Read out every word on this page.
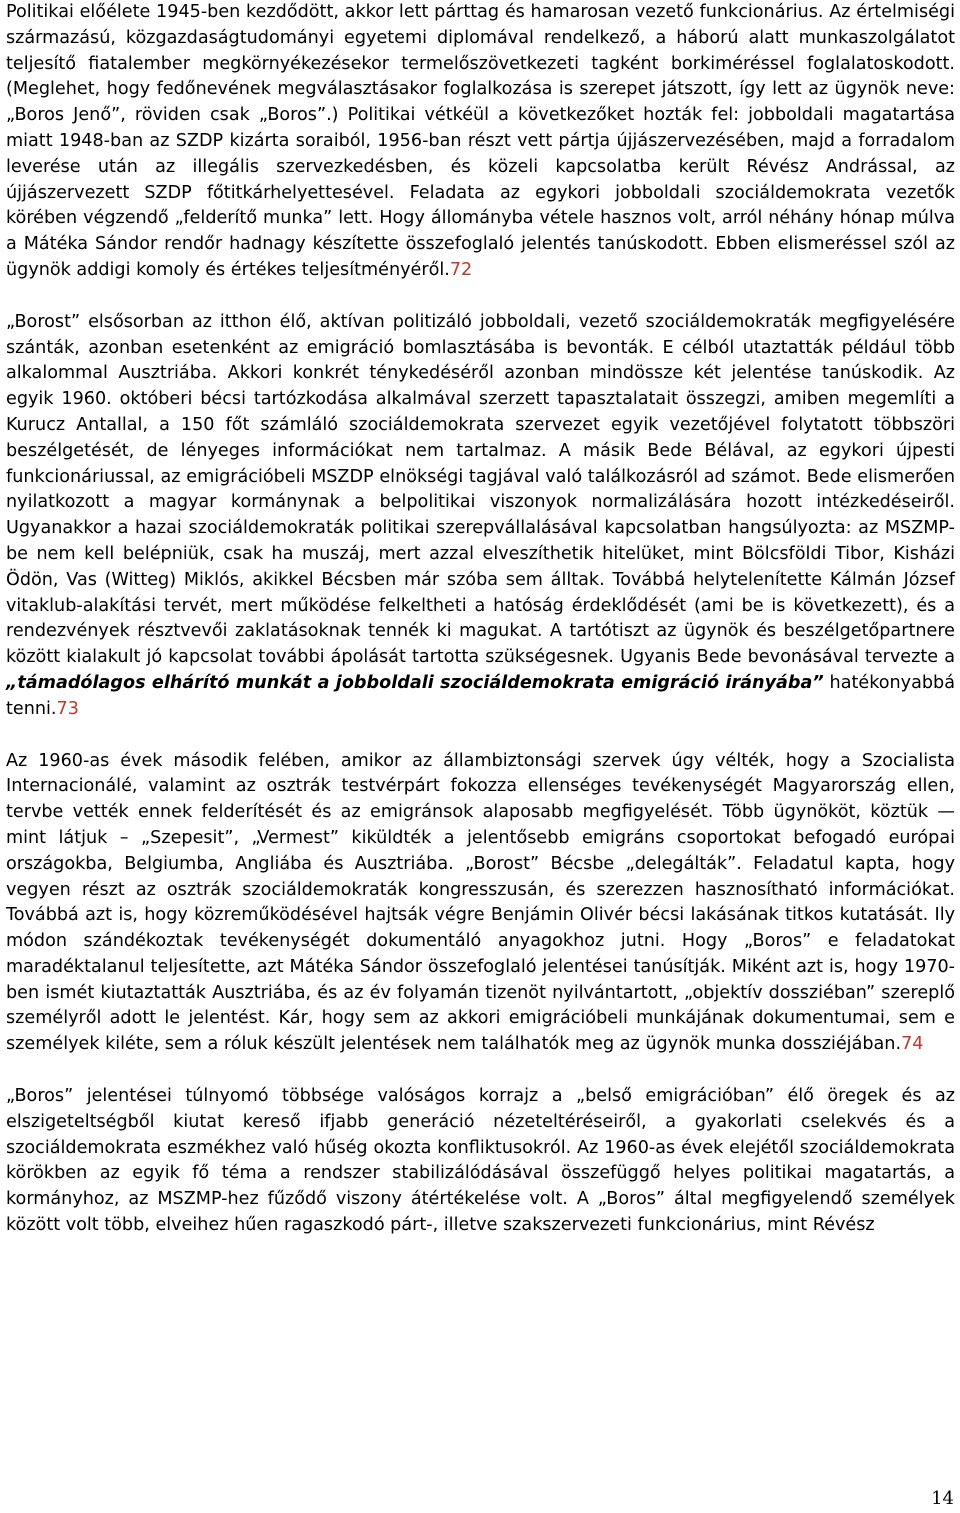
Politikai előélete 1945-ben kezdődött, akkor lett párttag és hamarosan vezető funkcionárius. Az értelmiségi származású, közgazdaságtudományi egyetemi diplomával rendelkező, a háború alatt munkaszolgálatot teljesítő fiatalember megkörnyékezésekor termelőszövetkezeti tagként borkiméréssel foglalatoskodott. (Meglehet, hogy fedőnevének megválasztásakor foglalkozása is szerepet játszott, így lett az ügynök neve: „Boros Jenő”, röviden csak „Boros”.) Politikai vétkéül a következőket hozták fel: jobboldali magatartása miatt 1948-ban az SZDP kizárta soraiból, 1956-ban részt vett pártja újjászervezésében, majd a forradalom leverése után az illegális szervezkedésben, és közeli kapcsolatba került Révész Andrással, az újjászervezett SZDP főtitkárhelyettesével. Feladata az egykori jobboldali szociáldemokrata vezetők körében végzendő „felderítő munka” lett. Hogy állományba vétele hasznos volt, arról néhány hónap múlva a Mátéka Sándor rendőr hadnagy készítette összefoglaló jelentés tanúskodott. Ebben elismeréssel szól az ügynök addigi komoly és értékes teljesítményéről.72

„Borost” elsősorban az itthon élő, aktívan politizáló jobboldali, vezető szociáldemokraták megfigyelésére szánták, azonban esetenként az emigráció bomlasztásába is bevonták. E célból utaztatták például több alkalommal Ausztriába. Akkori konkrét ténykedéséről azonban mindössze két jelentése tanúskodik. Az egyik 1960. októberi bécsi tartózkodása alkalmával szerzett tapasztalatait összegzi, amiben megemlíti a Kurucz Antallal, a 150 főt számláló szociáldemokrata szervezet egyik vezetőjével folytatott többszöri beszélgetését, de lényeges információkat nem tartalmaz. A másik Bede Bélával, az egykori újpesti funkcionáriussal, az emigrációbeli MSZDP elnökségi tagjával való találkozásról ad számot. Bede elismerően nyilatkozott a magyar kormánynak a belpolitikai viszonyok normalizálására hozott intézkedéseiről. Ugyanakkor a hazai szociáldemokraták politikai szerepvállalásával kapcsolatban hangsúlyozta: az MSZMP-be nem kell belépniük, csak ha muszáj, mert azzal elveszíthetik hitelüket, mint Bölcsföldi Tibor, Kisházi Ödön, Vas (Witteg) Miklós, akikkel Bécsben már szóba sem álltak. Továbbá helytelenítette Kálmán József vitaklub-alakítási tervét, mert működése felkeltheti a hatóság érdeklődését (ami be is következett), és a rendezvények résztvevői zaklatásoknak tennék ki magukat. A tartótiszt az ügynök és beszélgetőpartnere között kialakult jó kapcsolat további ápolását tartotta szükségesnek. Ugyanis Bede bevonásával tervezte a „támadólagos elhárító munkát a jobboldali szociáldemokrata emigráció irányába” hatékonyabbá tenni.73

Az 1960-as évek második felében, amikor az állambiztonsági szervek úgy vélték, hogy a Szocialista Internacionálé, valamint az osztrák testvérpárt fokozza ellenséges tevékenységét Magyarország ellen, tervbe vették ennek felderítését és az emigránsok alaposabb megfigyelését. Több ügynököt, köztük — mint látjuk – „Szepesit”, „Vermest” kiküldték a jelentősebb emigráns csoportokat befogadó európai országokba, Belgiumba, Angliába és Ausztriába. „Borost” Bécsbe „delegálták”. Feladatul kapta, hogy vegyen részt az osztrák szociáldemokraták kongresszusán, és szerezzen hasznosítható információkat. Továbbá azt is, hogy közreműködésével hajtsák végre Benjámin Olivér bécsi lakásának titkos kutatását. Ily módon szándékoztak tevékenységét dokumentáló anyagokhoz jutni. Hogy „Boros” e feladatokat maradéktalanul teljesítette, azt Mátéka Sándor összefoglaló jelentései tanúsítják. Miként azt is, hogy 1970-ben ismét kiutaztatták Ausztriába, és az év folyamán tizenöt nyilvántartott, „objektív dossziéban” szereplő személyről adott le jelentést. Kár, hogy sem az akkori emigrációbeli munkájának dokumentumai, sem e személyek kilétе, sem a róluk készült jelentések nem találhatók meg az ügynök munka dossziéjában.74

„Boros” jelentései túlnyomó többsége valóságos korrajz a „belső emigrációban” élő öregek és az elszigeteltségből kiutat kereső ifjabb generáció nézeteltéréseiről, a gyakorlati cselekvés és a szociáldemokrata eszmékhez való hűség okozta konfliktusokról. Az 1960-as évek elejétől szociáldemokrata körökben az egyik fő téma a rendszer stabilizálódásával összefüggő helyes politikai magatartás, a kormányhoz, az MSZMP-hez fűződő viszony átértékelése volt. A „Boros” által megfigyelendő személyek között volt több, elveihez hűen ragaszkodó párt-, illetve szakszervezeti funkcionárius, mint Révész

14
